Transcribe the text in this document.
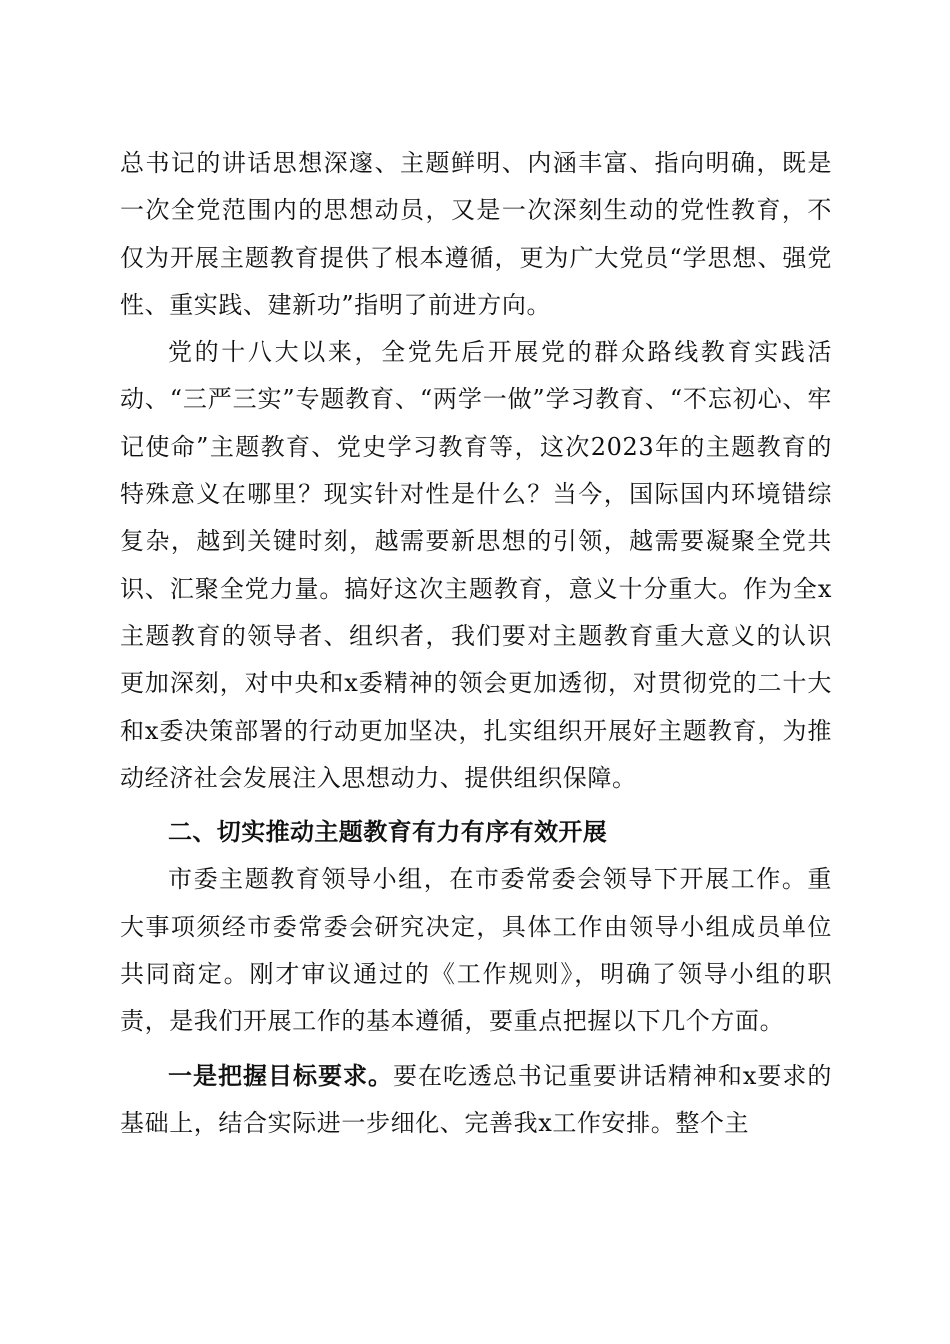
总书记的讲话思想深邃、主题鲜明、内涵丰富、指向明确，既是一次全党范围内的思想动员，又是一次深刻生动的党性教育，不仅为开展主题教育提供了根本遵循，更为广大党员“学思想、强党性、重实践、建新功”指明了前进方向。

党的十八大以来，全党先后开展党的群众路线教育实践活动、“三严三实”专题教育、“两学一做”学习教育、“不忘初心、牢记使命”主题教育、党史学习教育等，这次2023年的主题教育的特殊意义在哪里？现实针对性是什么？当今，国际国内环境错综复杂，越到关键时刻，越需要新思想的引领，越需要凝聚全党共识、汇聚全党力量。搞好这次主题教育，意义十分重大。作为全x主题教育的领导者、组织者，我们要对主题教育重大意义的认识更加深刻，对中央和x委精神的领会更加透彻，对贯彻党的二十大和x委决策部署的行动更加坚决，扎实组织开展好主题教育，为推动经济社会发展注入思想动力、提供组织保障。

二、切实推动主题教育有力有序有效开展

市委主题教育领导小组，在市委常委会领导下开展工作。重大事项须经市委常委会研究决定，具体工作由领导小组成员单位共同商定。刚才审议通过的《工作规则》，明确了领导小组的职责，是我们开展工作的基本遵循，要重点把握以下几个方面。

一是把握目标要求。要在吃透总书记重要讲话精神和x要求的基础上，结合实际进一步细化、完善我x工作安排。整个主
